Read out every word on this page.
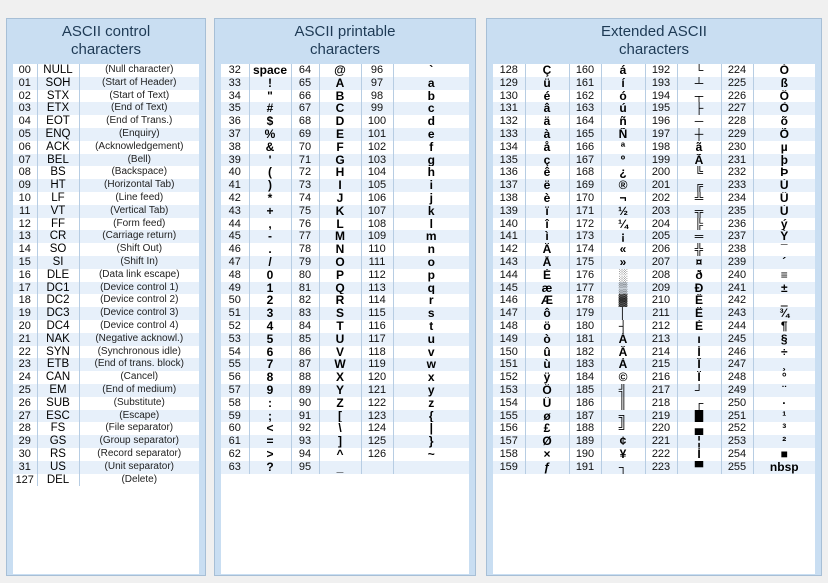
ASCII control
characters
00	NULL	(Null character)
01	SOH	(Start of Header)
02	STX	(Start of Text)
03	ETX	(End of Text)
04	EOT	(End of Trans.)
05	ENQ	(Enquiry)
06	ACK	(Acknowledgement)
07	BEL	(Bell)
08	BS	(Backspace)
09	HT	(Horizontal Tab)
10	LF	(Line feed)
11	VT	(Vertical Tab)
12	FF	(Form feed)
13	CR	(Carriage return)
14	SO	(Shift Out)
15	SI	(Shift In)
16	DLE	(Data link escape)
17	DC1	(Device control 1)
18	DC2	(Device control 2)
19	DC3	(Device control 3)
20	DC4	(Device control 4)
21	NAK	(Negative acknowl.)
22	SYN	(Synchronous idle)
23	ETB	(End of trans. block)
24	CAN	(Cancel)
25	EM	(End of medium)
26	SUB	(Substitute)
27	ESC	(Escape)
28	FS	(File separator)
29	GS	(Group separator)
30	RS	(Record separator)
31	US	(Unit separator)
127	DEL	(Delete)
ASCII printable
characters
32	space	64	@	96	`
33	!	65	A	97	a
34	"	66	B	98	b
35	#	67	C	99	c
36	$	68	D	100	d
37	%	69	E	101	e
38	&	70	F	102	f
39	'	71	G	103	g
40	(	72	H	104	h
41	)	73	I	105	i
42	*	74	J	106	j
43	+	75	K	107	k
44	,	76	L	108	l
45	-	77	M	109	m
46	.	78	N	110	n
47	/	79	O	111	o
48	0	80	P	112	p
49	1	81	Q	113	q
50	2	82	R	114	r
51	3	83	S	115	s
52	4	84	T	116	t
53	5	85	U	117	u
54	6	86	V	118	v
55	7	87	W	119	w
56	8	88	X	120	x
57	9	89	Y	121	y
58	:	90	Z	122	z
59	;	91	[	123	{
60	<	92	\	124	|
61	=	93	]	125	}
62	>	94	^	126	~
63	?	95	_		
Extended ASCII
characters
128	Ç	160	á	192	└	224	Ó
129	ü	161	í	193	┴	225	ß
130	é	162	ó	194	┬	226	Ô
131	â	163	ú	195	├	227	Ò
132	ä	164	ñ	196	─	228	õ
133	à	165	Ñ	197	┼	229	Õ
134	å	166	ª	198	ã	230	µ
135	ç	167	º	199	Ã	231	þ
136	ê	168	¿	200	╚	232	Þ
137	ë	169	®	201	╔	233	Ú
138	è	170	¬	202	╩	234	Û
139	ï	171	½	203	╦	235	Ù
140	î	172	¼	204	╠	236	ý
141	ì	173	¡	205	═	237	Ý
142	Ä	174	«	206	╬	238	¯
143	Å	175	»	207	¤	239	´
144	É	176	░	208	ð	240	≡
145	æ	177	▒	209	Ð	241	±
146	Æ	178	▓	210	Ê	242	‗
147	ô	179	│	211	Ë	243	¾
148	ö	180	┤	212	È	244	¶
149	ò	181	Á	213	ı	245	§
150	û	182	Â	214	Í	246	÷
151	ù	183	À	215	Î	247	¸
152	ÿ	184	©	216	Ï	248	°
153	Ö	185	╣	217	┘	249	¨
154	Ü	186	║	218	┌	250	·
155	ø	187	╗	219	█	251	¹
156	£	188	╝	220	▄	252	³
157	Ø	189	¢	221	¦	253	²
158	×	190	¥	222	Ì	254	■
159	ƒ	191	┐	223	▀	255	nbsp
